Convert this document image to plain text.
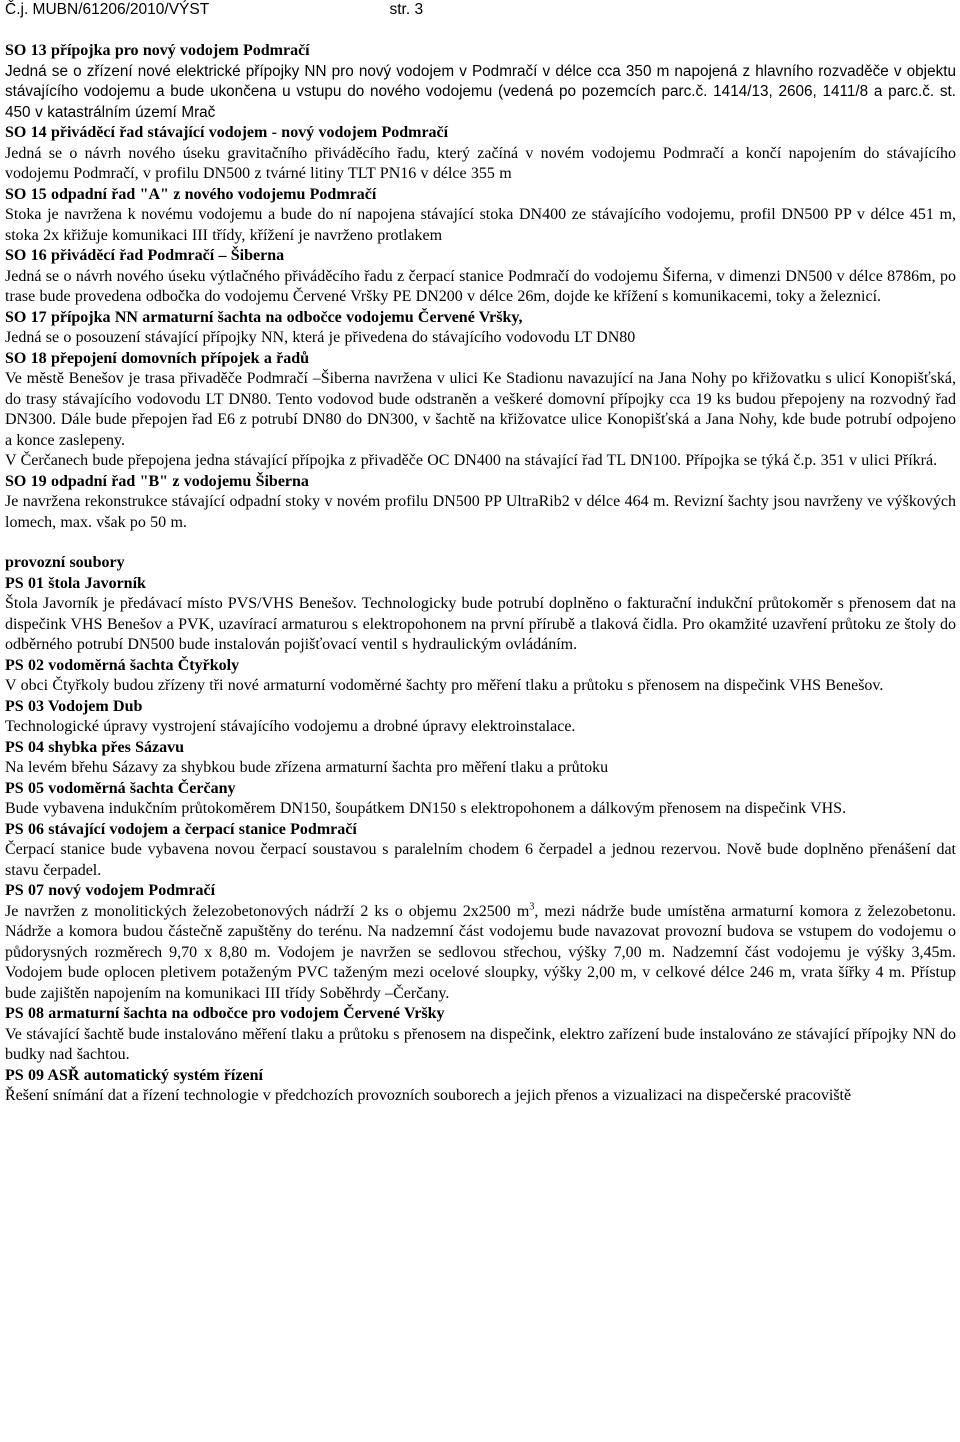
Č.j. MUBN/61206/2010/VÝST	str. 3
SO 13 přípojka pro nový vodojem Podmračí

Jedná se o zřízení nové elektrické přípojky NN pro nový vodojem v Podmračí v délce cca 350 m napojená z hlavního rozvaděče v objektu stávajícího vodojemu a bude ukončena u vstupu do nového vodojemu (vedená po pozemcích parc.č. 1414/13, 2606, 1411/8 a parc.č. st. 450 v katastrálním území Mrač

SO 14 přiváděcí řad stávající vodojem - nový vodojem Podmračí

Jedná se o návrh nového úseku gravitačního přiváděcího řadu, který začíná v novém vodojemu Podmračí a končí napojením do stávajícího vodojemu Podmračí, v profilu DN500 z tvárné litiny TLT PN16 v délce 355 m

SO 15 odpadní řad "A" z nového vodojemu Podmračí

Stoka je navržena k novému vodojemu a bude do ní napojena stávající stoka DN400 ze stávajícího vodojemu, profil DN500 PP v délce 451 m, stoka 2x křižuje komunikaci III třídy, křížení je navrženo protlakem

SO 16 přiváděcí řad Podmračí – Šiberna

Jedná se o návrh nového úseku výtlačného přiváděcího řadu z čerpací stanice Podmračí do vodojemu Šiferna, v dimenzi DN500 v délce 8786m, po trase bude provedena odbočka do vodojemu Červené Vršky PE DN200 v délce 26m, dojde ke křížení s komunikacemi, toky a železnicí.

SO 17 přípojka NN armaturní šachta na odbočce vodojemu Červené Vršky,

Jedná se o posouzení stávající přípojky NN, která je přivedena do stávajícího vodovodu LT DN80

SO 18 přepojení domovních přípojek a řadů

Ve městě Benešov je trasa přivaděče Podmračí –Šiberna navržena v ulici Ke Stadionu navazující na Jana Nohy po křižovatku s ulicí Konopišťská, do trasy stávajícího vodovodu LT DN80. Tento vodovod bude odstraněn a veškeré domovní přípojky cca 19 ks budou přepojeny na rozvodný řad DN300. Dále bude přepojen řad E6 z potrubí DN80 do DN300, v šachtě na křižovatce ulice Konopišťská a Jana Nohy, kde bude potrubí odpojeno a konce zaslepeny.

V Čerčanech bude přepojena jedna stávající přípojka z přivaděče OC DN400 na stávající řad TL DN100. Přípojka se týká č.p. 351 v ulici Příkrá.

SO 19 odpadní řad "B" z vodojemu Šiberna

Je navržena rekonstrukce stávající odpadní stoky v novém profilu DN500 PP UltraRib2 v délce 464 m. Revizní šachty jsou navrženy ve výškových lomech, max. však po 50 m.

provozní soubory
PS 01 štola Javorník

Štola Javorník je předávací místo PVS/VHS Benešov. Technologicky bude potrubí doplněno o fakturační indukční průtokoměr s přenosem dat na dispečink VHS Benešov a PVK, uzavírací armaturou s elektropohonem na první přírubě a tlaková čidla. Pro okamžité uzavření průtoku ze štoly do odběrného potrubí DN500 bude instalován pojišťovací ventil s hydraulickým ovládáním.

PS 02 vodoměrná šachta Čtyřkoly

V obci Čtyřkoly budou zřízeny tři nové armaturní vodoměrné šachty pro měření tlaku a průtoku s přenosem na dispečink VHS Benešov.

PS 03 Vodojem Dub

Technologické úpravy vystrojení stávajícího vodojemu a drobné úpravy elektroinstalace.

PS 04 shybka přes Sázavu

Na levém břehu Sázavy za shybkou bude zřízena armaturní šachta pro měření tlaku a průtoku

PS 05 vodoměrná šachta Čerčany

Bude vybavena indukčním průtokoměrem DN150, šoupátkem DN150 s elektropohonem a dálkovým přenosem na dispečink VHS.

PS 06 stávající vodojem a čerpací stanice Podmračí

Čerpací stanice bude vybavena novou čerpací soustavou s paralelním chodem 6 čerpadel a jednou rezervou. Nově bude doplněno přenášení dat stavu čerpadel.

PS 07 nový vodojem Podmračí

Je navržen z monolitických železobetonových nádrží 2 ks o objemu 2x2500 $m^3$, mezi nádrže bude umístěna armaturní komora z železobetonu. Nádrže a komora budou částečně zapuštěny do terénu. Na nadzemní část vodojemu bude navazovat provozní budova se vstupem do vodojemu o půdorysných rozměrech 9,70 x 8,80 m. Vodojem je navržen se sedlovou střechou, výšky 7,00 m. Nadzemní část vodojemu je výšky 3,45m. Vodojem bude oplocen pletivem potaženým PVC taženým mezi ocelové sloupky, výšky 2,00 m, v celkové délce 246 m, vrata šířky 4 m. Přístup bude zajištěn napojením na komunikaci III třídy Soběhrdy –Čerčany.

PS 08 armaturní šachta na odbočce pro vodojem Červené Vršky

Ve stávající šachtě bude instalováno měření tlaku a průtoku s přenosem na dispečink, elektro zařízení bude instalováno ze stávající přípojky NN do budky nad šachtou.

PS 09 ASŘ automatický systém řízení

Řešení snímání dat a řízení technologie v předchozích provozních souborech a jejich přenos a vizualizaci na dispečerské pracoviště
